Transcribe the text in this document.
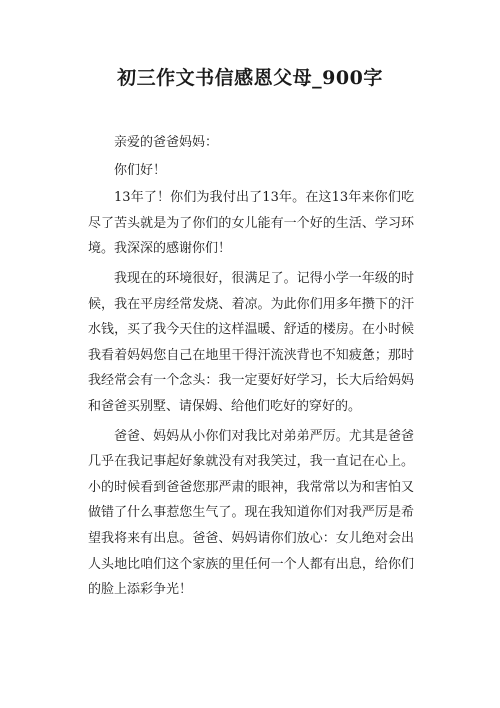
初三作文书信感恩父母_900字

亲爱的爸爸妈妈：

你们好！

13年了！你们为我付出了13年。在这13年来你们吃尽了苦头就是为了你们的女儿能有一个好的生活、学习环境。我深深的感谢你们！

我现在的环境很好，很满足了。记得小学一年级的时候，我在平房经常发烧、着凉。为此你们用多年攒下的汗水钱，买了我今天住的这样温暖、舒适的楼房。在小时候我看着妈妈您自己在地里干得汗流浃背也不知疲惫；那时我经常会有一个念头：我一定要好好学习，长大后给妈妈和爸爸买别墅、请保姆、给他们吃好的穿好的。

爸爸、妈妈从小你们对我比对弟弟严厉。尤其是爸爸几乎在我记事起好象就没有对我笑过，我一直记在心上。小的时候看到爸爸您那严肃的眼神，我常常以为和害怕又做错了什么事惹您生气了。现在我知道你们对我严厉是希望我将来有出息。爸爸、妈妈请你们放心：女儿绝对会出人头地比咱们这个家族的里任何一个人都有出息，给你们的脸上添彩争光！
